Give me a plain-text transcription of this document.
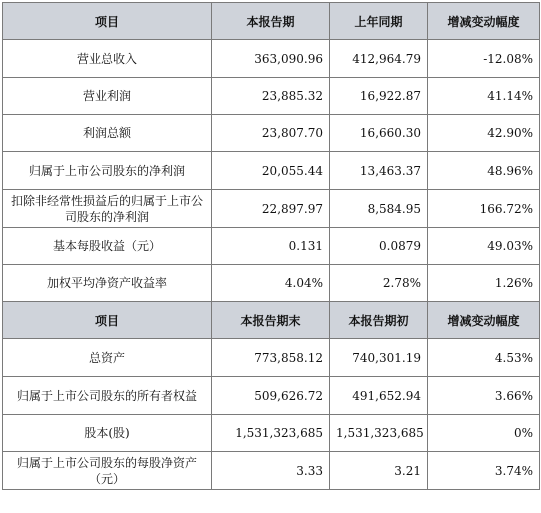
项目	本报告期	上年同期	增减变动幅度
营业总收入	363,090.96	412,964.79	-12.08%
营业利润	23,885.32	16,922.87	41.14%
利润总额	23,807.70	16,660.30	42.90%
归属于上市公司股东的净利润	20,055.44	13,463.37	48.96%
扣除非经常性损益后的归属于上市公司股东的净利润	22,897.97	8,584.95	166.72%
基本每股收益（元）	0.131	0.0879	49.03%
加权平均净资产收益率	4.04%	2.78%	1.26%
项目	本报告期末	本报告期初	增减变动幅度
总资产	773,858.12	740,301.19	4.53%
归属于上市公司股东的所有者权益	509,626.72	491,652.94	3.66%
股本(股)	1,531,323,685	1,531,323,685	0%
归属于上市公司股东的每股净资产（元）	3.33	3.21	3.74%
